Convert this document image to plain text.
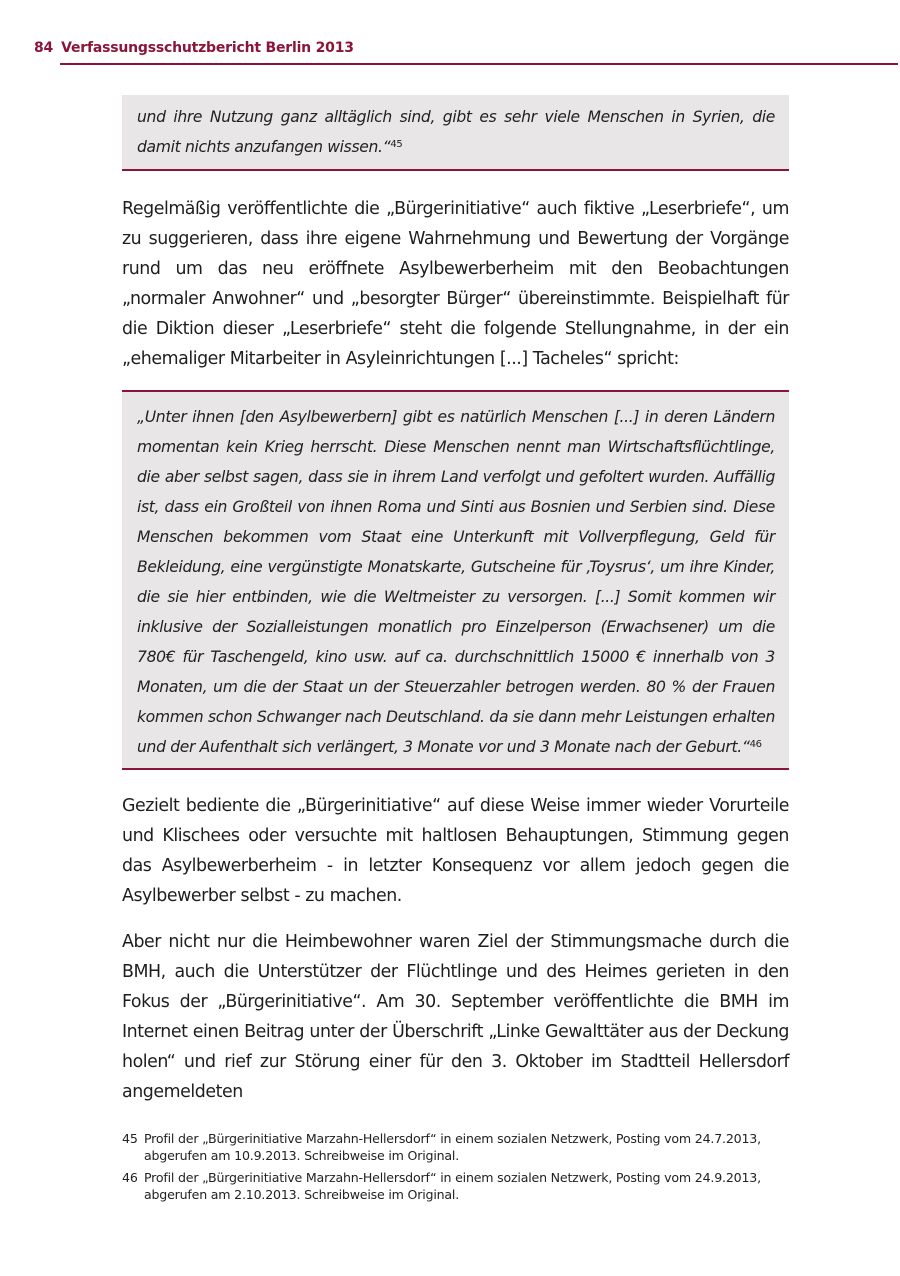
84 Verfassungsschutzbericht Berlin 2013

und ihre Nutzung ganz alltäglich sind, gibt es sehr viele Menschen in Syrien, die damit nichts anzufangen wissen.“$^{45}$

Regelmäßig veröffentlichte die „Bürgerinitiative“ auch fiktive „Leserbriefe“, um zu suggerieren, dass ihre eigene Wahrnehmung und Bewertung der Vorgänge rund um das neu eröffnete Asylbewerberheim mit den Beobachtungen „normaler Anwohner“ und „besorgter Bürger“ übereinstimmte. Beispielhaft für die Diktion dieser „Leserbriefe“ steht die folgende Stellungnahme, in der ein „ehemaliger Mitarbeiter in Asyleinrichtungen [...] Tacheles“ spricht:

„Unter ihnen [den Asylbewerbern] gibt es natürlich Menschen [...] in deren Ländern momentan kein Krieg herrscht. Diese Menschen nennt man Wirtschaftsflüchtlinge, die aber selbst sagen, dass sie in ihrem Land verfolgt und gefoltert wurden. Auffällig ist, dass ein Großteil von ihnen Roma und Sinti aus Bosnien und Serbien sind. Diese Menschen bekommen vom Staat eine Unterkunft mit Vollverpflegung, Geld für Bekleidung, eine vergünstigte Monatskarte, Gutscheine für ‚Toysrus‘, um ihre Kinder, die sie hier entbinden, wie die Weltmeister zu versorgen. [...] Somit kommen wir inklusive der Sozialleistungen monatlich pro Einzelperson (Erwachsener) um die 780€ für Taschengeld, kino usw. auf ca. durchschnittlich 15000 € innerhalb von 3 Monaten, um die der Staat un der Steuerzahler betrogen werden. 80 % der Frauen kommen schon Schwanger nach Deutschland. da sie dann mehr Leistungen erhalten und der Aufenthalt sich verlängert, 3 Monate vor und 3 Monate nach der Geburt.“$^{46}$

Gezielt bediente die „Bürgerinitiative“ auf diese Weise immer wieder Vorurteile und Klischees oder versuchte mit haltlosen Behauptungen, Stimmung gegen das Asylbewerberheim - in letzter Konsequenz vor allem jedoch gegen die Asylbewerber selbst - zu machen.

Aber nicht nur die Heimbewohner waren Ziel der Stimmungsmache durch die BMH, auch die Unterstützer der Flüchtlinge und des Heimes gerieten in den Fokus der „Bürgerinitiative“. Am 30. September veröffentlichte die BMH im Internet einen Beitrag unter der Überschrift „Linke Gewalttäter aus der Deckung holen“ und rief zur Störung einer für den 3. Oktober im Stadtteil Hellersdorf angemeldeten

45 Profil der „Bürgerinitiative Marzahn-Hellersdorf“ in einem sozialen Netzwerk, Posting vom 24.7.2013, abgerufen am 10.9.2013. Schreibweise im Original.

46 Profil der „Bürgerinitiative Marzahn-Hellersdorf“ in einem sozialen Netzwerk, Posting vom 24.9.2013, abgerufen am 2.10.2013. Schreibweise im Original.
